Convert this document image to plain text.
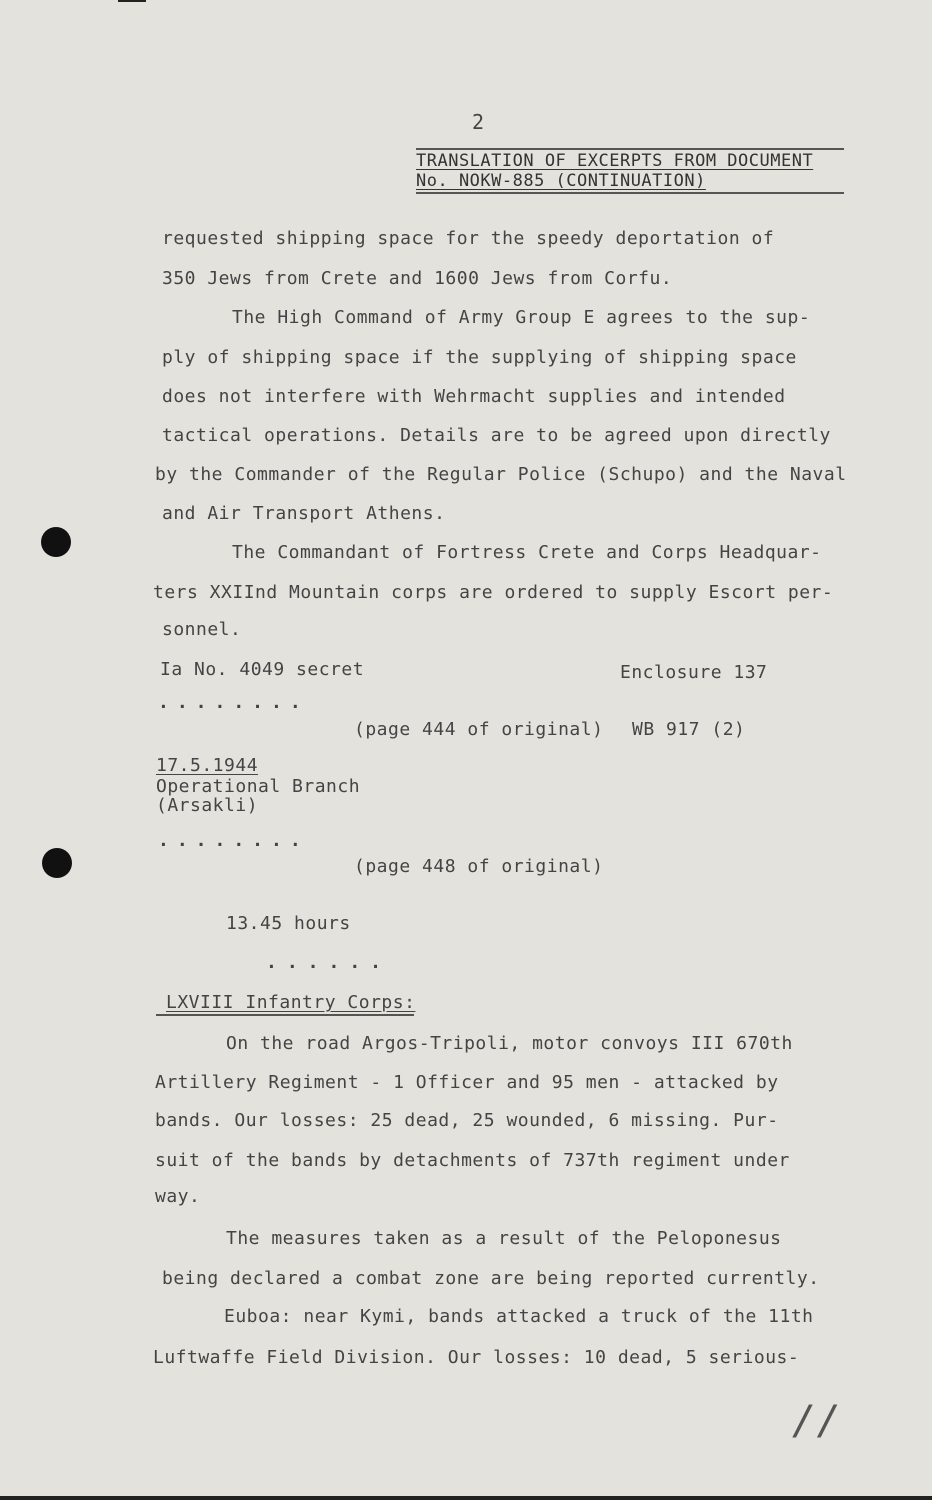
2
TRANSLATION OF EXCERPTS FROM DOCUMENT
No. NOKW-885 (CONTINUATION)
requested shipping space for the speedy deportation of
350 Jews from Crete and 1600 Jews from Corfu.
The High Command of Army Group E agrees to the sup-
ply of shipping space if the supplying of shipping space
does not interfere with Wehrmacht supplies and intended
tactical operations. Details are to be agreed upon directly
by the Commander of the Regular Police (Schupo) and the Naval
and Air Transport Athens.
The Commandant of Fortress Crete and Corps Headquar-
ters XXIInd Mountain corps are ordered to supply Escort per-
sonnel.
Ia No. 4049 secret	Enclosure 137
........
(page 444 of original) WB 917 (2)
17.5.1944
Operational Branch
(Arsakli)
........
(page 448 of original)
13.45 hours
......
LXVIII Infantry Corps:
On the road Argos-Tripoli, motor convoys III 670th
Artillery Regiment - 1 Officer and 95 men - attacked by
bands. Our losses: 25 dead, 25 wounded, 6 missing. Pur-
suit of the bands by detachments of 737th regiment under
way.
The measures taken as a result of the Peloponesus
being declared a combat zone are being reported currently.
Euboa: near Kymi, bands attacked a truck of the 11th
Luftwaffe Field Division. Our losses: 10 dead, 5 serious-
//
